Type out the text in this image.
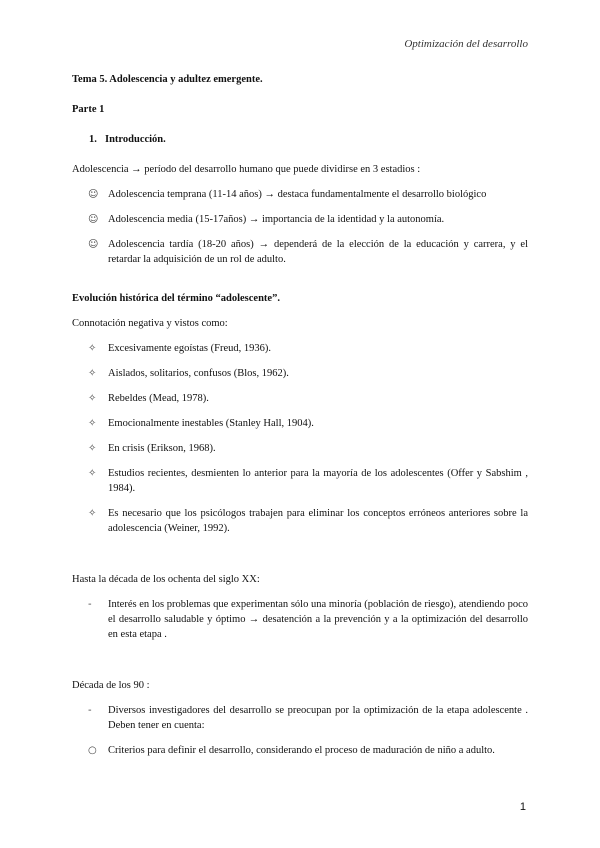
Optimización del desarrollo

Tema 5. Adolescencia y adultez emergente.

Parte 1

1. Introducción.

Adolescencia → período del desarrollo humano que puede dividirse en 3 estadios :

☺ Adolescencia temprana (11-14 años) → destaca fundamentalmente el desarrollo biológico
☺ Adolescencia media (15-17años) → importancia de la identidad y la autonomía.
☺ Adolescencia tardía (18-20 años) → dependerá de la elección de la educación y carrera, y el retardar la adquisición de un rol de adulto.

Evolución histórica del término “adolescente”.

Connotación negativa y vistos como:

✧	Excesivamente egoístas (Freud, 1936).
✧	Aislados, solitarios, confusos (Blos, 1962).
✧	Rebeldes (Mead, 1978).
✧	Emocionalmente inestables (Stanley Hall, 1904).
✧	En crisis (Erikson, 1968).
✧	Estudios recientes, desmienten lo anterior para la mayoría de los adolescentes (Offer y Sabshim , 1984).
✧	Es necesario que los psicólogos trabajen para eliminar los conceptos erróneos anteriores sobre la adolescencia (Weiner, 1992).

Hasta la década de los ochenta del siglo XX:

-	Interés en los problemas que experimentan sólo una minoría (población de riesgo), atendiendo poco el desarrollo saludable y óptimo → desatención a la prevención y a la optimización del desarrollo en esta etapa .

Década de los 90 :

-	Diversos investigadores del desarrollo se preocupan por la optimización de la etapa adolescente . Deben tener en cuenta:
○	Criterios para definir el desarrollo, considerando el proceso de maduración de niño a adulto.
1
